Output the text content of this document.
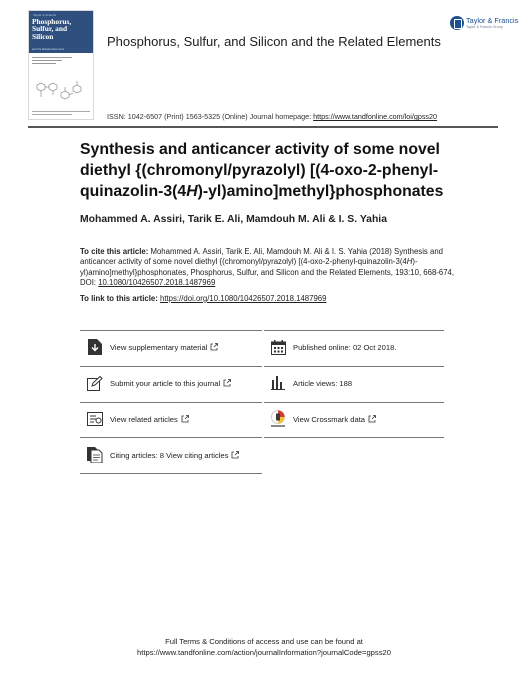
Taylor & Francis
Phosphorus, Sulfur, and Silicon
and the Related Elements	Phosphorus, Sulfur, and Silicon and the Related Elements
Taylor & Francis
Taylor & Francis Group
ISSN: 1042-6507 (Print) 1563-5325 (Online) Journal homepage: https://www.tandfonline.com/loi/gpss20
Synthesis and anticancer activity of some novel
diethyl {(chromonyl/pyrazolyl) [(4-oxo-2-phenyl-
quinazolin-3(4H)-yl)amino]methyl}phosphonates
Mohammed A. Assiri, Tarik E. Ali, Mamdouh M. Ali & I. S. Yahia
To cite this article: Mohammed A. Assiri, Tarik E. Ali, Mamdouh M. Ali & I. S. Yahia (2018) Synthesis and anticancer activity of some novel diethyl {(chromonyl/pyrazolyl) [(4-oxo-2-phenyl-quinazolin-3(4H)-yl)amino]methyl}phosphonates, Phosphorus, Sulfur, and Silicon and the Related Elements, 193:10, 668-674, DOI: 10.1080/10426507.2018.1487969
To link to this article: https://doi.org/10.1080/10426507.2018.1487969
View supplementary material	Published online: 02 Oct 2018.
Submit your article to this journal	Article views: 188
View related articles	View Crossmark data
Citing articles: 8 View citing articles
Full Terms & Conditions of access and use can be found at
https://www.tandfonline.com/action/journalInformation?journalCode=gpss20
